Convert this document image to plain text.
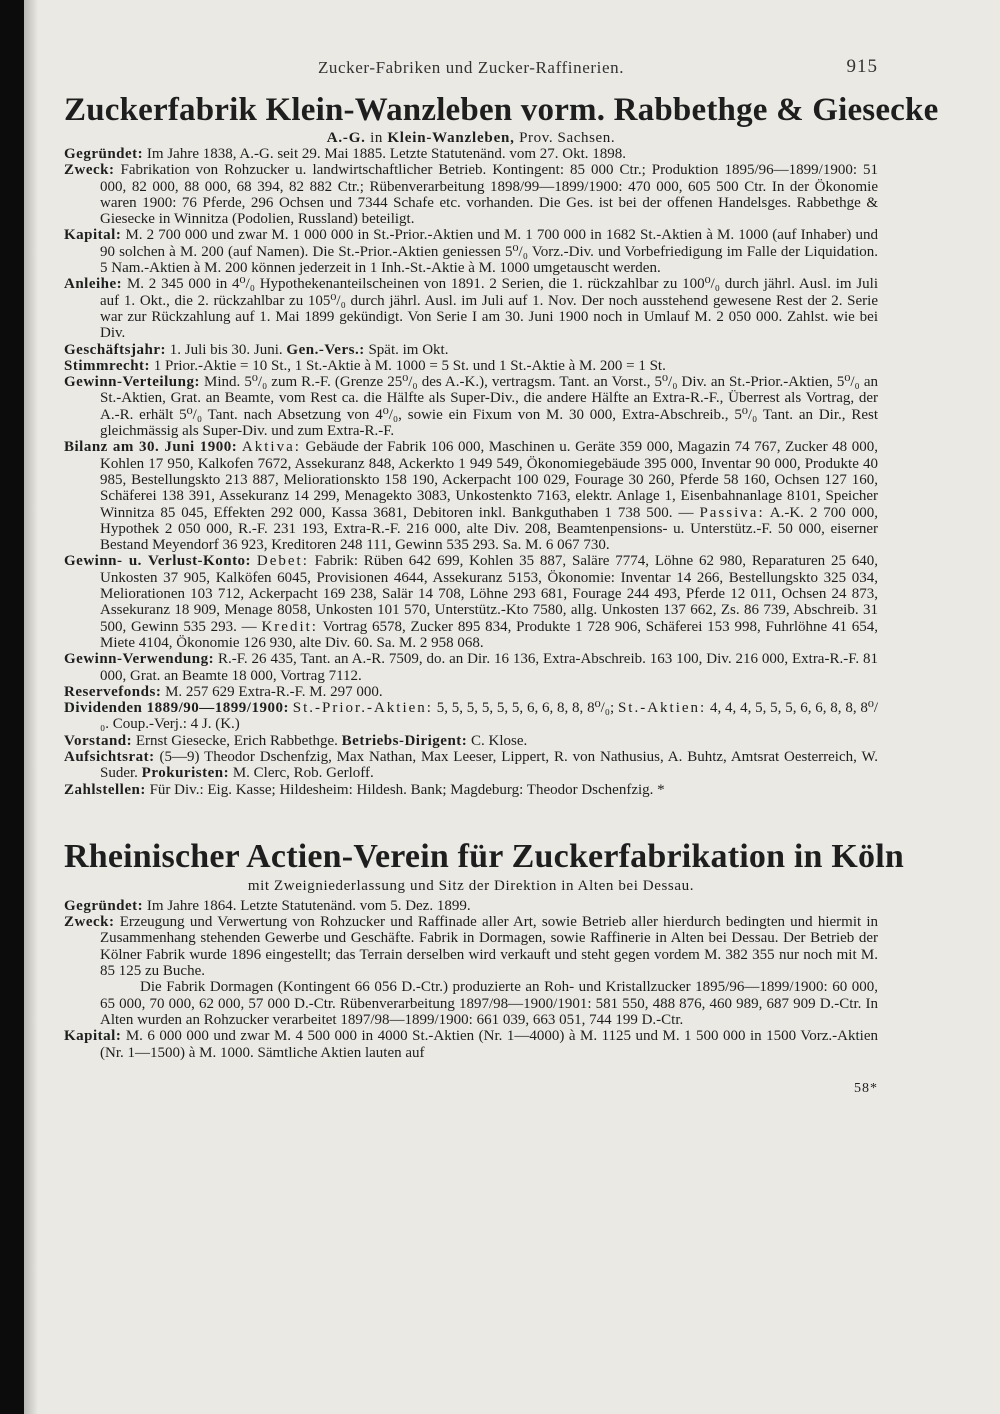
Zucker-Fabriken und Zucker-Raffinerien.	915
Zuckerfabrik Klein-Wanzleben vorm. Rabbethge & Giesecke
A.-G. in Klein-Wanzleben, Prov. Sachsen.

Gegründet: Im Jahre 1838, A.-G. seit 29. Mai 1885. Letzte Statutenänd. vom 27. Okt. 1898.

Zweck: Fabrikation von Rohzucker u. landwirtschaftlicher Betrieb. Kontingent: 85 000 Ctr.; Produktion 1895/96—1899/1900: 51 000, 82 000, 88 000, 68 394, 82 882 Ctr.; Rübenverarbeitung 1898/99—1899/1900: 470 000, 605 500 Ctr. In der Ökonomie waren 1900: 76 Pferde, 296 Ochsen und 7344 Schafe etc. vorhanden. Die Ges. ist bei der offenen Handelsges. Rabbethge & Giesecke in Winnitza (Podolien, Russland) beteiligt.

Kapital: M. 2 700 000 und zwar M. 1 000 000 in St.-Prior.-Aktien und M. 1 700 000 in 1682 St.-Aktien à M. 1000 (auf Inhaber) und 90 solchen à M. 200 (auf Namen). Die St.-Prior.-Aktien geniessen 5⁰/₀ Vorz.-Div. und Vorbefriedigung im Falle der Liquidation. 5 Nam.-Aktien à M. 200 können jederzeit in 1 Inh.-St.-Aktie à M. 1000 umgetauscht werden.

Anleihe: M. 2 345 000 in 4⁰/₀ Hypothekenanteilscheinen von 1891. 2 Serien, die 1. rückzahlbar zu 100⁰/₀ durch jährl. Ausl. im Juli auf 1. Okt., die 2. rückzahlbar zu 105⁰/₀ durch jährl. Ausl. im Juli auf 1. Nov. Der noch ausstehend gewesene Rest der 2. Serie war zur Rückzahlung auf 1. Mai 1899 gekündigt. Von Serie I am 30. Juni 1900 noch in Umlauf M. 2 050 000. Zahlst. wie bei Div.

Geschäftsjahr: 1. Juli bis 30. Juni. Gen.-Vers.: Spät. im Okt.

Stimmrecht: 1 Prior.-Aktie = 10 St., 1 St.-Aktie à M. 1000 = 5 St. und 1 St.-Aktie à M. 200 = 1 St.

Gewinn-Verteilung: Mind. 5⁰/₀ zum R.-F. (Grenze 25⁰/₀ des A.-K.), vertragsm. Tant. an Vorst., 5⁰/₀ Div. an St.-Prior.-Aktien, 5⁰/₀ an St.-Aktien, Grat. an Beamte, vom Rest ca. die Hälfte als Super-Div., die andere Hälfte an Extra-R.-F., Überrest als Vortrag, der A.-R. erhält 5⁰/₀ Tant. nach Absetzung von 4⁰/₀, sowie ein Fixum von M. 30 000, Extra-Abschreib., 5⁰/₀ Tant. an Dir., Rest gleichmässig als Super-Div. und zum Extra-R.-F.

Bilanz am 30. Juni 1900: Aktiva: Gebäude der Fabrik 106 000, Maschinen u. Geräte 359 000, Magazin 74 767, Zucker 48 000, Kohlen 17 950, Kalkofen 7672, Assekuranz 848, Ackerkto 1 949 549, Ökonomiegebäude 395 000, Inventar 90 000, Produkte 40 985, Bestellungskto 213 887, Meliorationskto 158 190, Ackerpacht 100 029, Fourage 30 260, Pferde 58 160, Ochsen 127 160, Schäferei 138 391, Assekuranz 14 299, Menagekto 3083, Unkostenkto 7163, elektr. Anlage 1, Eisenbahnanlage 8101, Speicher Winnitza 85 045, Effekten 292 000, Kassa 3681, Debitoren inkl. Bankguthaben 1 738 500. — Passiva: A.-K. 2 700 000, Hypothek 2 050 000, R.-F. 231 193, Extra-R.-F. 216 000, alte Div. 208, Beamtenpensions- u. Unterstütz.-F. 50 000, eiserner Bestand Meyendorf 36 923, Kreditoren 248 111, Gewinn 535 293. Sa. M. 6 067 730.

Gewinn- u. Verlust-Konto: Debet: Fabrik: Rüben 642 699, Kohlen 35 887, Saläre 7774, Löhne 62 980, Reparaturen 25 640, Unkosten 37 905, Kalköfen 6045, Provisionen 4644, Assekuranz 5153, Ökonomie: Inventar 14 266, Bestellungskto 325 034, Meliorationen 103 712, Ackerpacht 169 238, Salär 14 708, Löhne 293 681, Fourage 244 493, Pferde 12 011, Ochsen 24 873, Assekuranz 18 909, Menage 8058, Unkosten 101 570, Unterstütz.-Kto 7580, allg. Unkosten 137 662, Zs. 86 739, Abschreib. 31 500, Gewinn 535 293. — Kredit: Vortrag 6578, Zucker 895 834, Produkte 1 728 906, Schäferei 153 998, Fuhrlöhne 41 654, Miete 4104, Ökonomie 126 930, alte Div. 60. Sa. M. 2 958 068.

Gewinn-Verwendung: R.-F. 26 435, Tant. an A.-R. 7509, do. an Dir. 16 136, Extra-Abschreib. 163 100, Div. 216 000, Extra-R.-F. 81 000, Grat. an Beamte 18 000, Vortrag 7112.

Reservefonds: M. 257 629 Extra-R.-F. M. 297 000.

Dividenden 1889/90—1899/1900: St.-Prior.-Aktien: 5, 5, 5, 5, 5, 5, 6, 6, 8, 8, 8⁰/₀; St.-Aktien: 4, 4, 4, 5, 5, 5, 6, 6, 8, 8, 8⁰/₀. Coup.-Verj.: 4 J. (K.)

Vorstand: Ernst Giesecke, Erich Rabbethge. Betriebs-Dirigent: C. Klose.

Aufsichtsrat: (5—9) Theodor Dschenfzig, Max Nathan, Max Leeser, Lippert, R. von Nathusius, A. Buhtz, Amtsrat Oesterreich, W. Suder. Prokuristen: M. Clerc, Rob. Gerloff.

Zahlstellen: Für Div.: Eig. Kasse; Hildesheim: Hildesh. Bank; Magdeburg: Theodor Dschenfzig. *

Rheinischer Actien-Verein für Zuckerfabrikation in Köln
mit Zweigniederlassung und Sitz der Direktion in Alten bei Dessau.

Gegründet: Im Jahre 1864. Letzte Statutenänd. vom 5. Dez. 1899.

Zweck: Erzeugung und Verwertung von Rohzucker und Raffinade aller Art, sowie Betrieb aller hierdurch bedingten und hiermit in Zusammenhang stehenden Gewerbe und Geschäfte. Fabrik in Dormagen, sowie Raffinerie in Alten bei Dessau. Der Betrieb der Kölner Fabrik wurde 1896 eingestellt; das Terrain derselben wird verkauft und steht gegen vordem M. 382 355 nur noch mit M. 85 125 zu Buche.
Die Fabrik Dormagen (Kontingent 66 056 D.-Ctr.) produzierte an Roh- und Kristallzucker 1895/96—1899/1900: 60 000, 65 000, 70 000, 62 000, 57 000 D.-Ctr. Rübenverarbeitung 1897/98—1900/1901: 581 550, 488 876, 460 989, 687 909 D.-Ctr. In Alten wurden an Rohzucker verarbeitet 1897/98—1899/1900: 661 039, 663 051, 744 199 D.-Ctr.

Kapital: M. 6 000 000 und zwar M. 4 500 000 in 4000 St.-Aktien (Nr. 1—4000) à M. 1125 und M. 1 500 000 in 1500 Vorz.-Aktien (Nr. 1—1500) à M. 1000. Sämtliche Aktien lauten auf

58*
